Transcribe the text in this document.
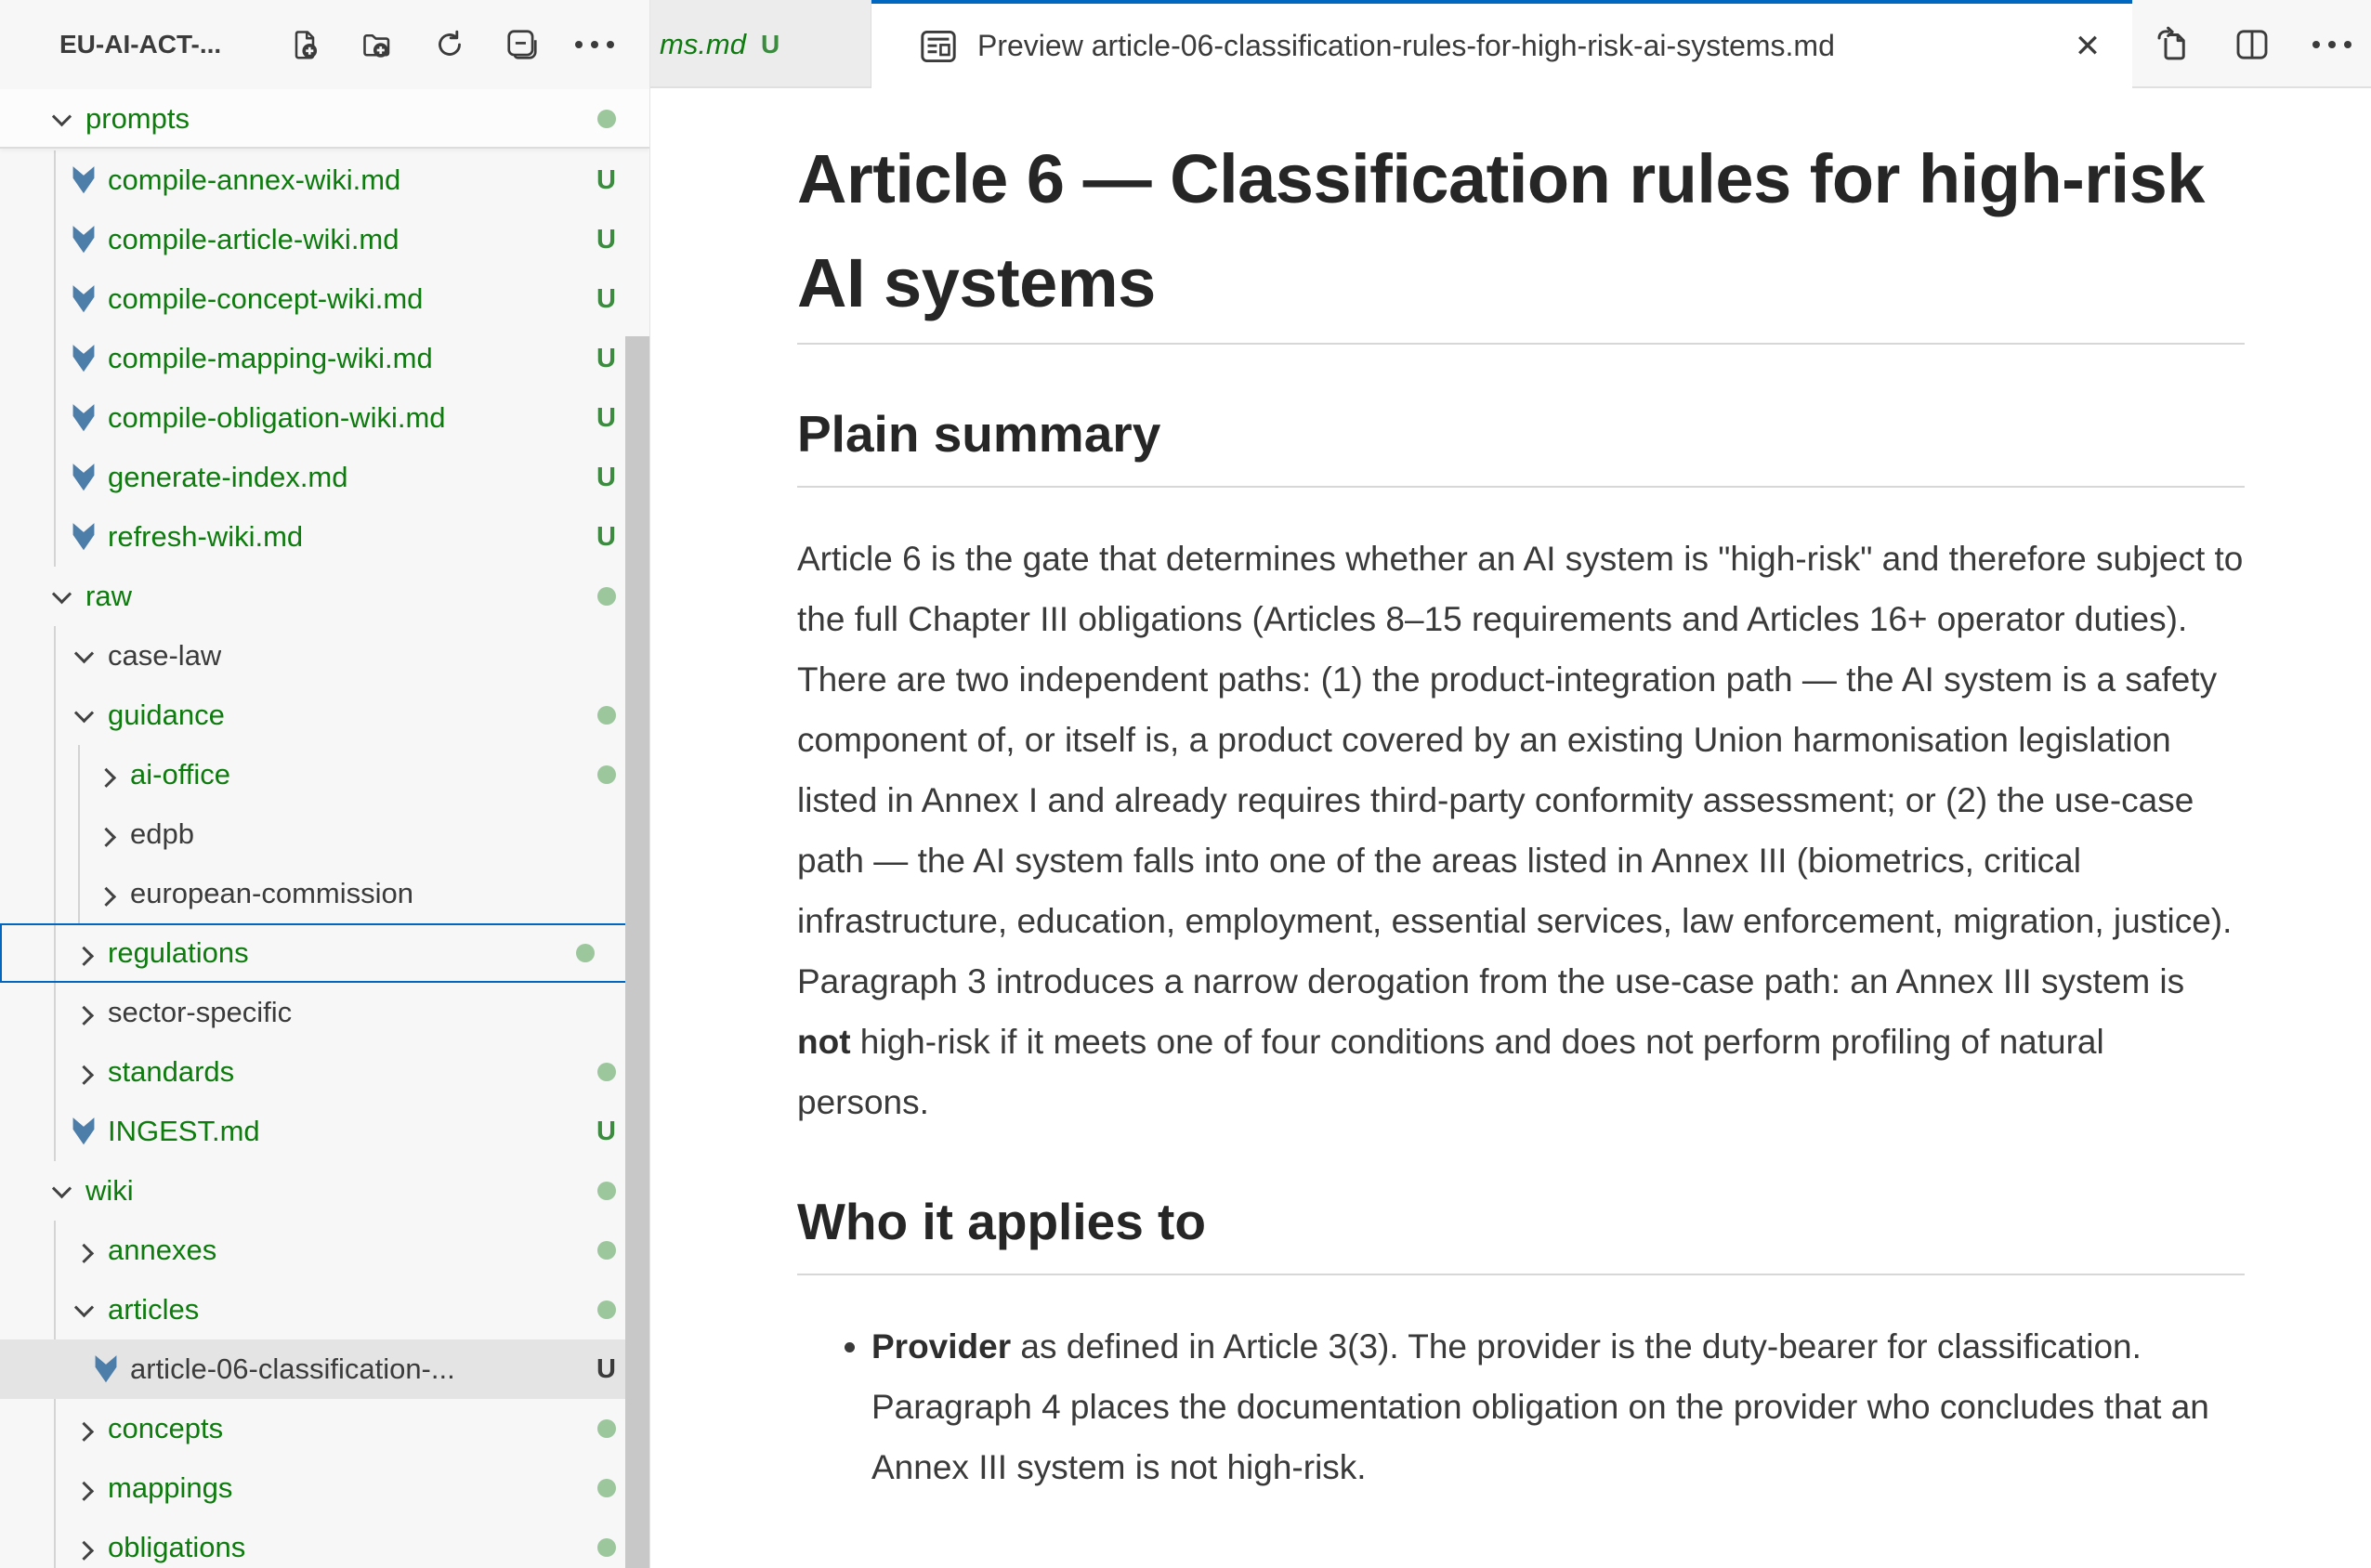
EU-AI-ACT-...
prompts
compile-annex-wiki.md	U
compile-article-wiki.md	U
compile-concept-wiki.md	U
compile-mapping-wiki.md	U
compile-obligation-wiki.md	U
generate-index.md	U
refresh-wiki.md	U
raw
case-law
guidance
ai-office
edpb
european-commission
regulations
sector-specific
standards
INGEST.md	U
wiki
annexes
articles
article-06-classification-...	U
concepts
mappings
obligations
ms.md U	Preview article-06-classification-rules-for-high-risk-ai-systems.md	✕
Article 6 — Classification rules for high-risk AI systems
Plain summary

Article 6 is the gate that determines whether an AI system is "high-risk" and therefore subject to the full Chapter III obligations (Articles 8–15 requirements and Articles 16+ operator duties). There are two independent paths: (1) the product-integration path — the AI system is a safety component of, or itself is, a product covered by an existing Union harmonisation legislation listed in Annex I and already requires third-party conformity assessment; or (2) the use-case path — the AI system falls into one of the areas listed in Annex III (biometrics, critical infrastructure, education, employment, essential services, law enforcement, migration, justice). Paragraph 3 introduces a narrow derogation from the use-case path: an Annex III system is not high-risk if it meets one of four conditions and does not perform profiling of natural persons.

Who it applies to
• Provider as defined in Article 3(3). The provider is the duty-bearer for classification. Paragraph 4 places the documentation obligation on the provider who concludes that an Annex III system is not high-risk.
